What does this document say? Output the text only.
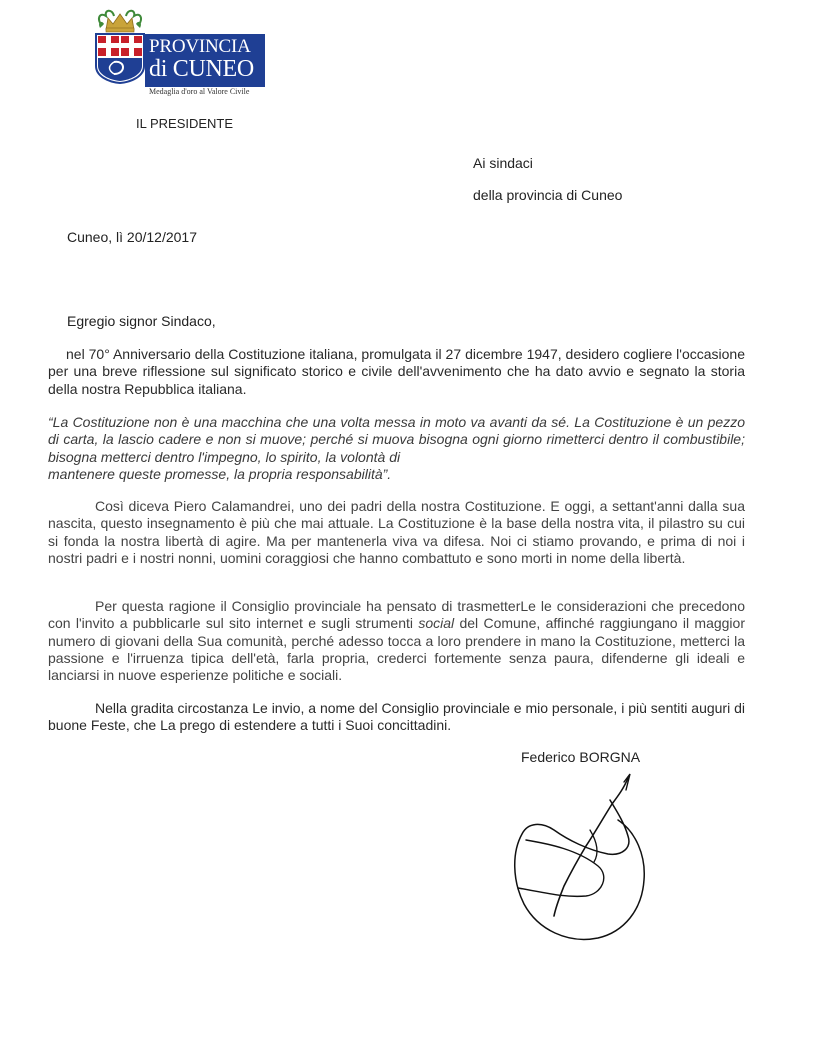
PROVINCIA
di CUNEO
Medaglia d'oro al Valore Civile
IL PRESIDENTE
Ai sindaci
della provincia di Cuneo
Cuneo, lì 20/12/2017
Egregio signor Sindaco,

nel 70° Anniversario della Costituzione italiana, promulgata il 27 dicembre 1947, desidero cogliere l'occasione per una breve riflessione sul significato storico e civile dell'avvenimento che ha dato avvio e segnato la storia della nostra Repubblica italiana.

“La Costituzione non è una macchina che una volta messa in moto va avanti da sé. La Costituzione è un pezzo di carta, la lascio cadere e non si muove; perché si muova bisogna ogni giorno rimetterci dentro il combustibile; bisogna metterci dentro l'impegno, lo spirito, la volontà di
mantenere queste promesse, la propria responsabilità”.

Così diceva Piero Calamandrei, uno dei padri della nostra Costituzione. E oggi, a settant'anni dalla sua nascita, questo insegnamento è più che mai attuale. La Costituzione è la base della nostra vita, il pilastro su cui si fonda la nostra libertà di agire. Ma per mantenerla viva va difesa. Noi ci stiamo provando, e prima di noi i nostri padri e i nostri nonni, uomini coraggiosi che hanno combattuto e sono morti in nome della libertà.

Per questa ragione il Consiglio provinciale ha pensato di trasmetterLe le considerazioni che precedono con l'invito a pubblicarle sul sito internet e sugli strumenti social del Comune, affinché raggiungano il maggior numero di giovani della Sua comunità, perché adesso tocca a loro prendere in mano la Costituzione, metterci la passione e l'irruenza tipica dell'età, farla propria, crederci fortemente senza paura, difenderne gli ideali e lanciarsi in nuove esperienze politiche e sociali.

Nella gradita circostanza Le invio, a nome del Consiglio provinciale e mio personale, i più sentiti auguri di buone Feste, che La prego di estendere a tutti i Suoi concittadini.

Federico BORGNA
